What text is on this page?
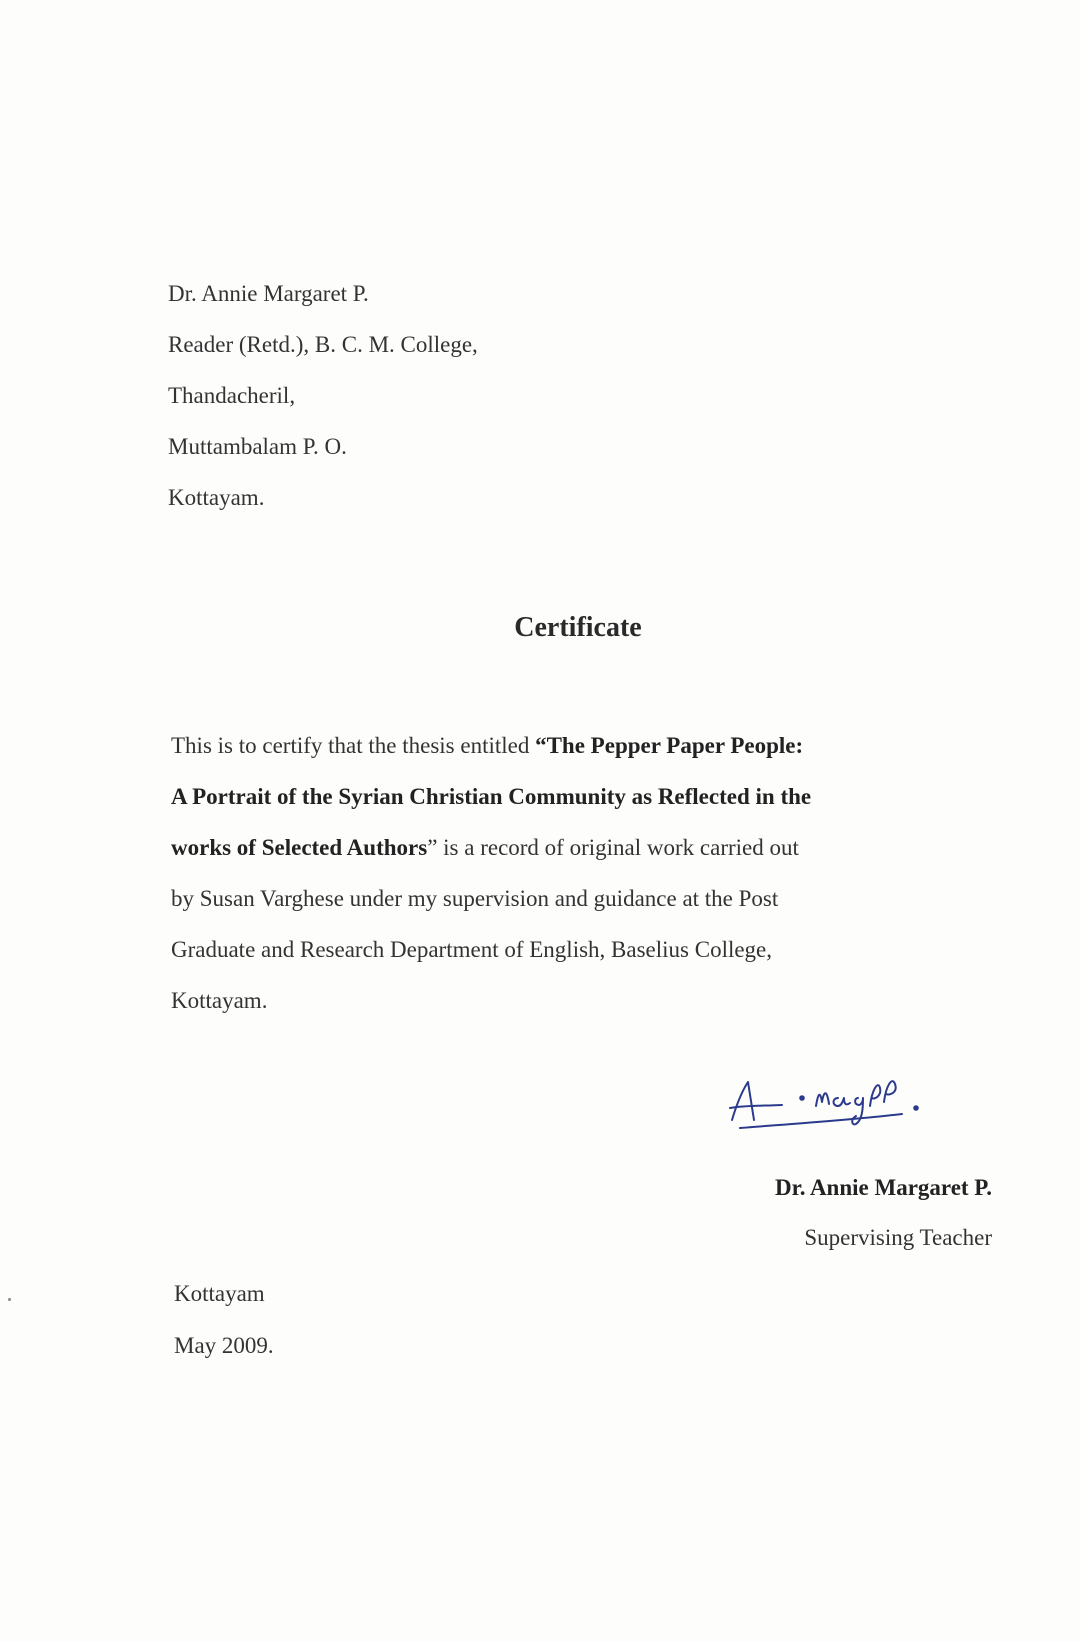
Dr. Annie Margaret P.
Reader (Retd.), B. C. M. College,
Thandacheril,
Muttambalam P. O.
Kottayam.
Certificate
This is to certify that the thesis entitled “The Pepper Paper People:
A Portrait of the Syrian Christian Community as Reflected in the
works of Selected Authors” is a record of original work carried out
by Susan Varghese under my supervision and guidance at the Post
Graduate and Research Department of English, Baselius College,
Kottayam.
Dr. Annie Margaret P.
Supervising Teacher
Kottayam
May 2009.
